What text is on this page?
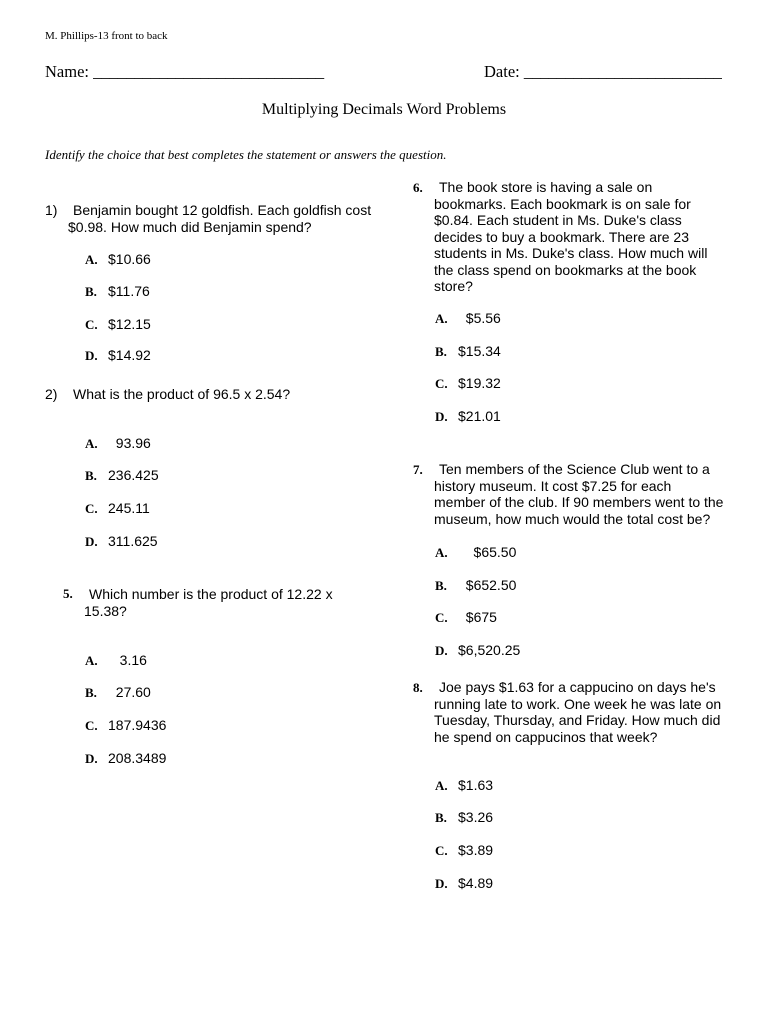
M. Phillips-13 front to back
Name: ____________________________	Date: ________________________
Multiplying Decimals Word Problems
Identify the choice that best completes the statement or answers the question.
1)	Benjamin bought 12 goldfish. Each goldfish cost
$0.98. How much did Benjamin spend?
A. $10.66
B. $11.76
C. $12.15
D. $14.92
2) What is the product of 96.5 x 2.54?
A.  93.96
B. 236.425
C. 245.11
D. 311.625
5.	Which number is the product of 12.22 x
15.38?
A.   3.16
B.  27.60
C. 187.9436
D. 208.3489
6.	The book store is having a sale on
bookmarks. Each bookmark is on sale for
$0.84. Each student in Ms. Duke's class
decides to buy a bookmark. There are 23
students in Ms. Duke's class. How much will
the class spend on bookmarks at the book
store?
A.  $5.56
B. $15.34
C. $19.32
D. $21.01
7.	Ten members of the Science Club went to a
history museum. It cost $7.25 for each
member of the club. If 90 members went to the
museum, how much would the total cost be?
A.    $65.50
B.  $652.50
C.  $675
D. $6,520.25
8.	Joe pays $1.63 for a cappucino on days he's
running late to work. One week he was late on
Tuesday, Thursday, and Friday. How much did
he spend on cappucinos that week?
A. $1.63
B. $3.26
C. $3.89
D. $4.89
